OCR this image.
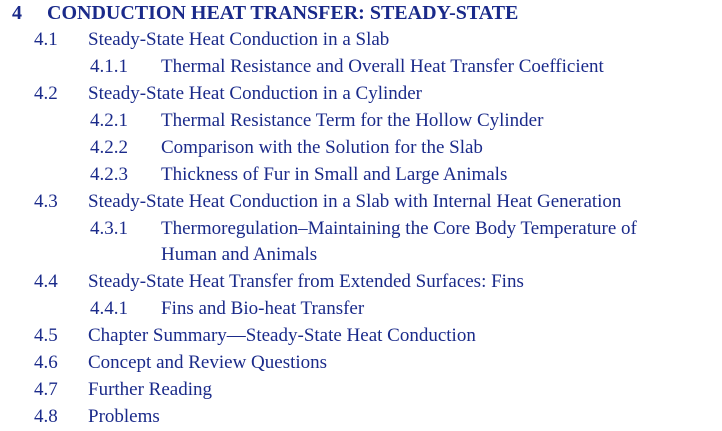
4 CONDUCTION HEAT TRANSFER: STEADY-STATE
4.1 Steady-State Heat Conduction in a Slab
4.1.1 Thermal Resistance and Overall Heat Transfer Coefficient
4.2 Steady-State Heat Conduction in a Cylinder
4.2.1 Thermal Resistance Term for the Hollow Cylinder
4.2.2 Comparison with the Solution for the Slab
4.2.3 Thickness of Fur in Small and Large Animals
4.3 Steady-State Heat Conduction in a Slab with Internal Heat Generation
4.3.1 Thermoregulation–Maintaining the Core Body Temperature of
Human and Animals
4.4 Steady-State Heat Transfer from Extended Surfaces: Fins
4.4.1 Fins and Bio-heat Transfer
4.5 Chapter Summary—Steady-State Heat Conduction
4.6 Concept and Review Questions
4.7 Further Reading
4.8 Problems
